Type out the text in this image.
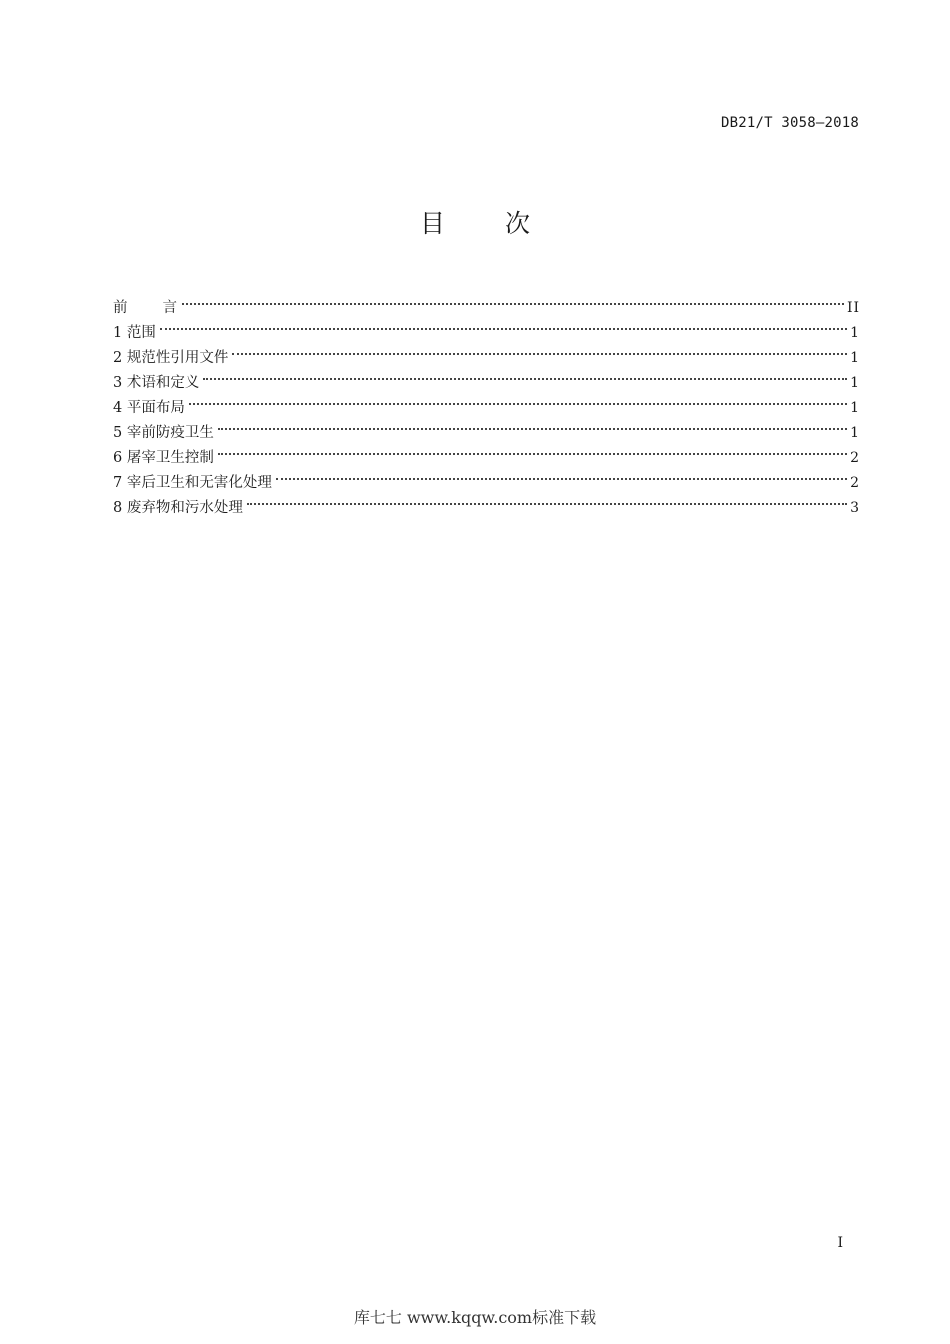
DB21/T 3058—2018
目 次
前 言	II
1 范围	1
2 规范性引用文件	1
3 术语和定义	1
4 平面布局	1
5 宰前防疫卫生	1
6 屠宰卫生控制	2
7 宰后卫生和无害化处理	2
8 废弃物和污水处理	3
I
库七七 www.kqqw.com标准下载
